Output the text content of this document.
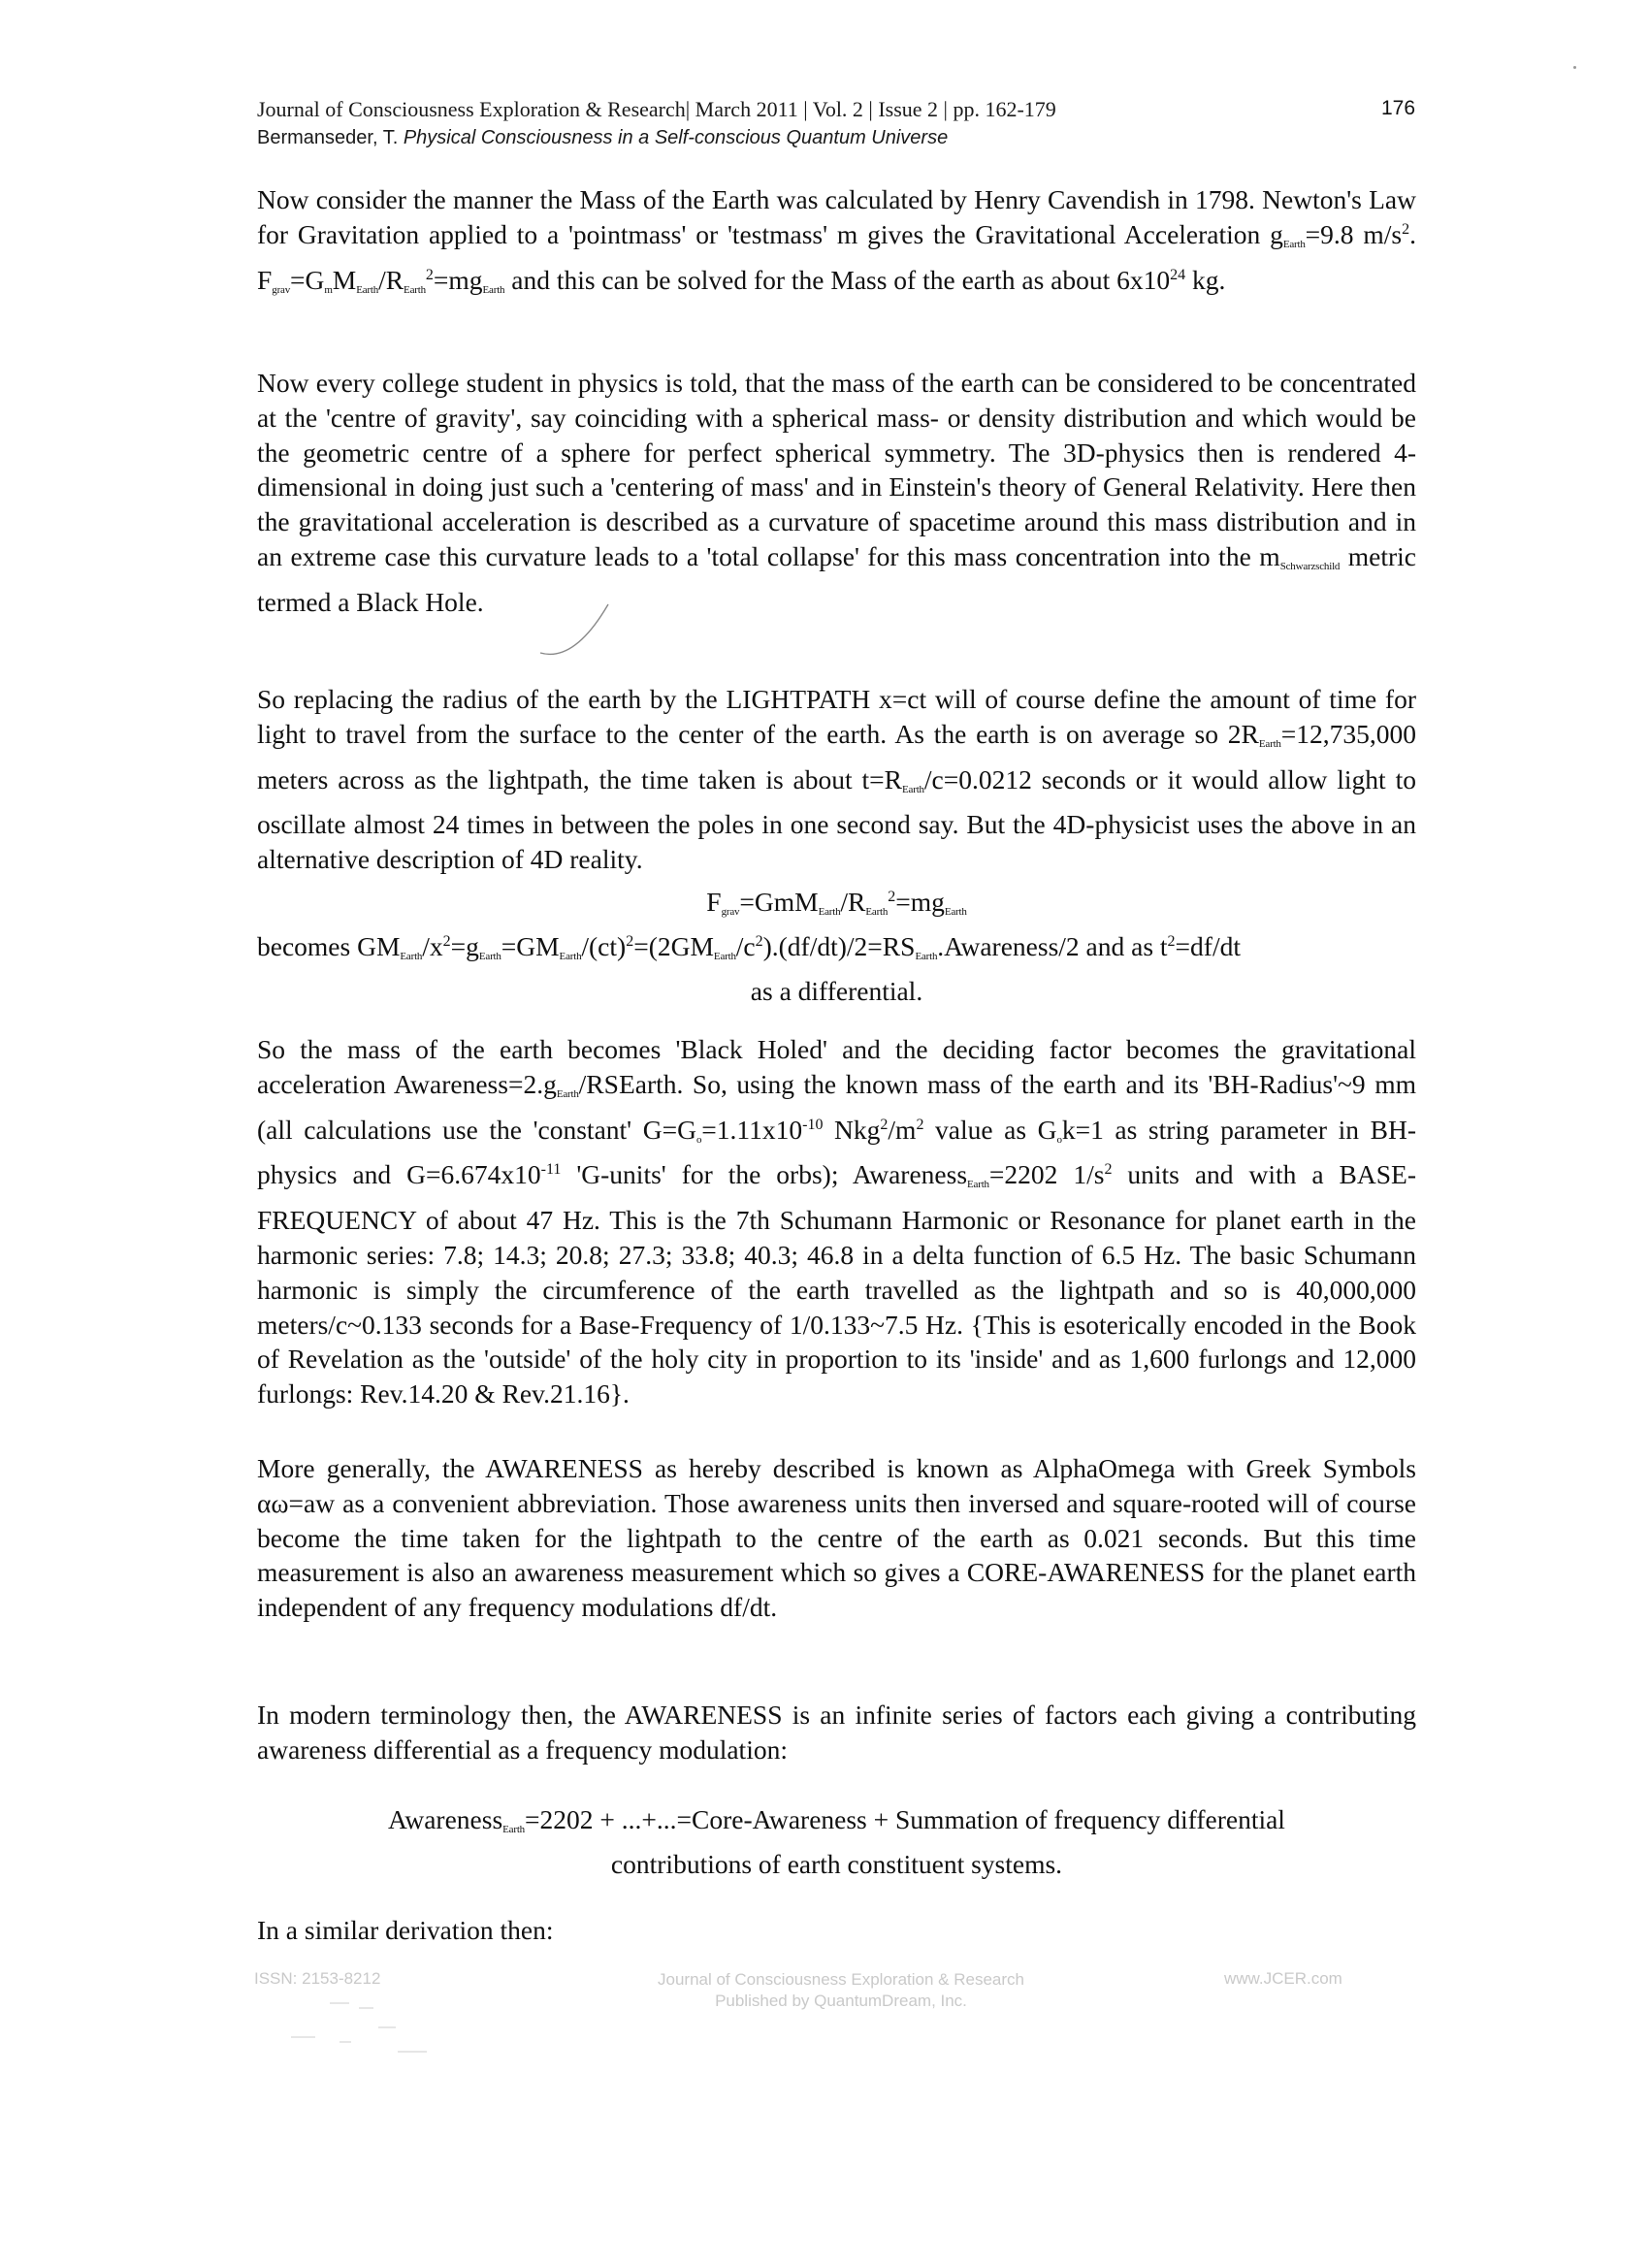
Journal of Consciousness Exploration & Research| March 2011 | Vol. 2 | Issue 2 | pp. 162-179
Bermanseder, T. Physical Consciousness in a Self-conscious Quantum Universe
176
Now consider the manner the Mass of the Earth was calculated by Henry Cavendish in 1798. Newton's Law for Gravitation applied to a 'pointmass' or 'testmass' m gives the Gravitational Acceleration $g_{Earth}=9.8$ $m/s^2$. $F_{grav}=G_mM_{Earth}/R_{Earth}^2=mg_{Earth}$ and this can be solved for the Mass of the earth as about $6x10^{24}$ kg.
Now every college student in physics is told, that the mass of the earth can be considered to be concentrated at the 'centre of gravity', say coinciding with a spherical mass- or density distribution and which would be the geometric centre of a sphere for perfect spherical symmetry. The 3D-physics then is rendered 4-dimensional in doing just such a 'centering of mass' and in Einstein's theory of General Relativity. Here then the gravitational acceleration is described as a curvature of spacetime around this mass distribution and in an extreme case this curvature leads to a 'total collapse' for this mass concentration into the $m_{Schwarzschild}$ metric termed a Black Hole.
So replacing the radius of the earth by the LIGHTPATH x=ct will of course define the amount of time for light to travel from the surface to the center of the earth. As the earth is on average so $2R_{Earth}=12,735,000$ meters across as the lightpath, the time taken is about $t=R_{Earth}/c=0.0212$ seconds or it would allow light to oscillate almost 24 times in between the poles in one second say. But the 4D-physicist uses the above in an alternative description of 4D reality.
$F_{grav}=GmM_{Earth}/R_{Earth}^2=mg_{Earth}$
becomes $GM_{Earth}/x^2=g_{Earth}=GM_{Earth}/(ct)^2=(2GM_{Earth}/c^2).(df/dt)/2=RS_{Earth}.Awareness/2$ and as $t^2=df/dt$
as a differential.
So the mass of the earth becomes 'Black Holed' and the deciding factor becomes the gravitational acceleration $Awareness=2.g_{Earth}$/RSEarth. So, using the known mass of the earth and its 'BH-Radius'~9 mm (all calculations use the 'constant' $G=G_o=1.11x10^{-10}$ $Nkg^2/m^2$ value as $G_ok=1$ as string parameter in BH-physics and $G=6.674x10^{-11}$ 'G-units' for the orbs); Awareness$_{Earth}$=2202 $1/s^2$ units and with a BASE-FREQUENCY of about 47 Hz. This is the 7th Schumann Harmonic or Resonance for planet earth in the harmonic series: 7.8; 14.3; 20.8; 27.3; 33.8; 40.3; 46.8 in a delta function of 6.5 Hz. The basic Schumann harmonic is simply the circumference of the earth travelled as the lightpath and so is 40,000,000 meters/c~0.133 seconds for a Base-Frequency of 1/0.133~7.5 Hz. {This is esoterically encoded in the Book of Revelation as the 'outside' of the holy city in proportion to its 'inside' and as 1,600 furlongs and 12,000 furlongs: Rev.14.20 & Rev.21.16}.
More generally, the AWARENESS as hereby described is known as AlphaOmega with Greek Symbols αω=aw as a convenient abbreviation. Those awareness units then inversed and square-rooted will of course become the time taken for the lightpath to the centre of the earth as 0.021 seconds. But this time measurement is also an awareness measurement which so gives a CORE-AWARENESS for the planet earth independent of any frequency modulations df/dt.
In modern terminology then, the AWARENESS is an infinite series of factors each giving a contributing awareness differential as a frequency modulation:
Awareness$_{Earth}$=2202 + ...+...=Core-Awareness + Summation of frequency differential
contributions of earth constituent systems.
In a similar derivation then:
ISSN: 2153-8212	Journal of Consciousness Exploration & Research
Published by QuantumDream, Inc.
www.JCER.com
